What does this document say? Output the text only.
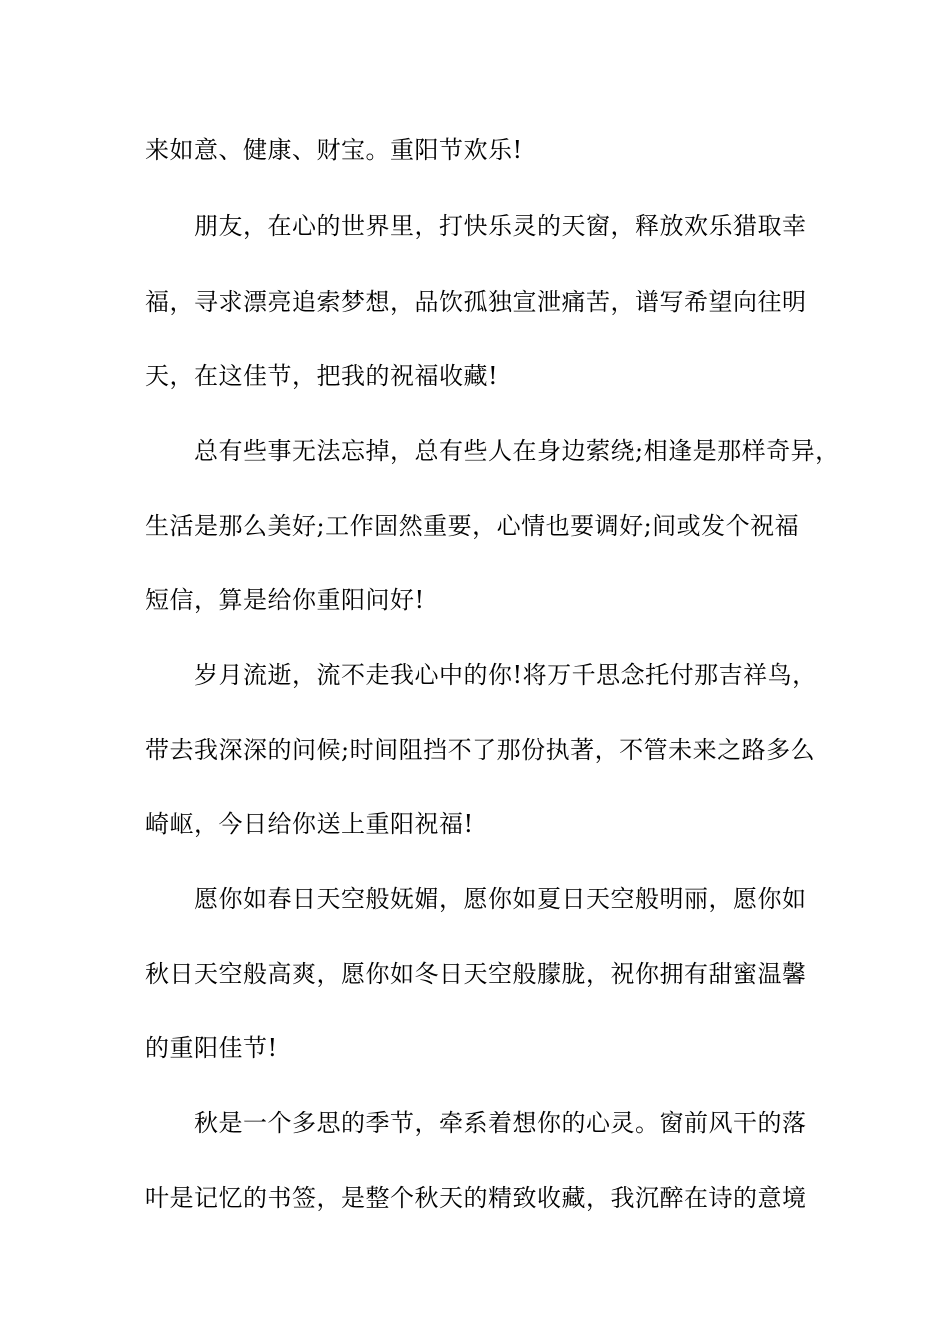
来如意、健康、财宝。重阳节欢乐!
朋友，在心的世界里，打快乐灵的天窗，释放欢乐猎取幸
福，寻求漂亮追索梦想，品饮孤独宣泄痛苦，谱写希望向往明
天，在这佳节，把我的祝福收藏!
总有些事无法忘掉，总有些人在身边萦绕;相逢是那样奇异，
生活是那么美好;工作固然重要，心情也要调好;间或发个祝福
短信，算是给你重阳问好!
岁月流逝，流不走我心中的你!将万千思念托付那吉祥鸟，
带去我深深的问候;时间阻挡不了那份执著，不管未来之路多么
崎岖，今日给你送上重阳祝福!
愿你如春日天空般妩媚，愿你如夏日天空般明丽，愿你如
秋日天空般高爽，愿你如冬日天空般朦胧，祝你拥有甜蜜温馨
的重阳佳节!
秋是一个多思的季节，牵系着想你的心灵。窗前风干的落
叶是记忆的书签，是整个秋天的精致收藏，我沉醉在诗的意境
